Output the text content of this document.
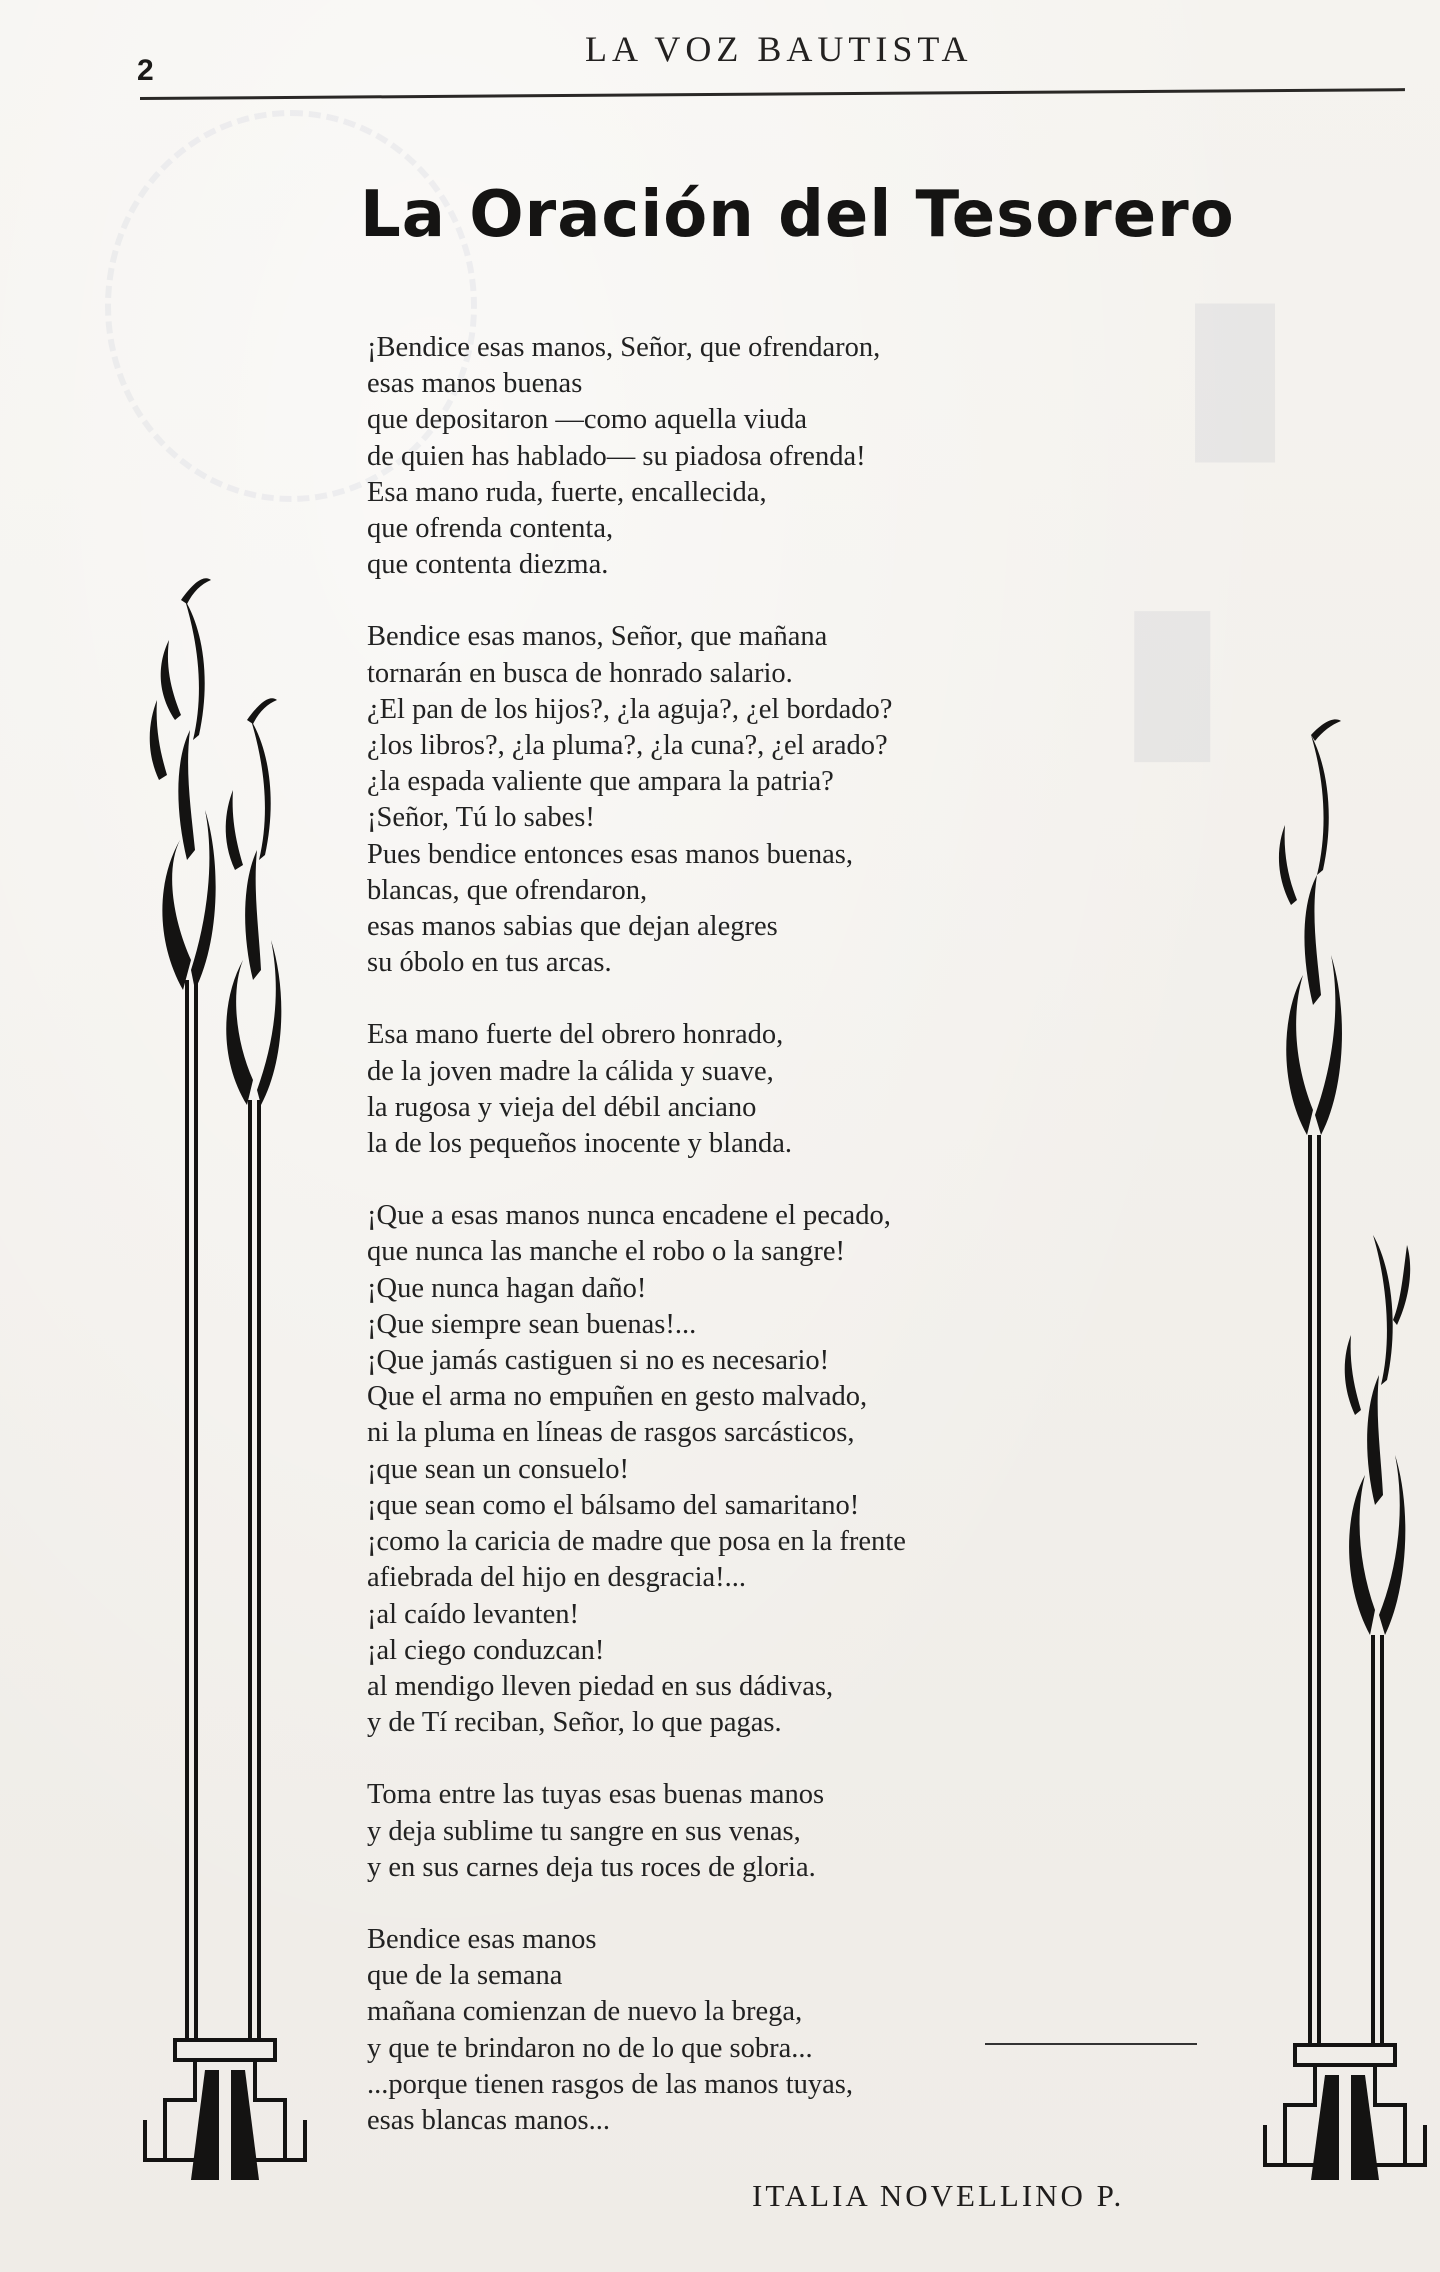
▮
▮
2
LA VOZ BAUTISTA
La Oración del Tesorero
¡Bendice esas manos, Señor, que ofrendaron,
esas manos buenas
que depositaron —como aquella viuda
de quien has hablado— su piadosa ofrenda!
Esa mano ruda, fuerte, encallecida,
que ofrenda contenta,
que contenta diezma.
Bendice esas manos, Señor, que mañana
tornarán en busca de honrado salario.
¿El pan de los hijos?, ¿la aguja?, ¿el bordado?
¿los libros?, ¿la pluma?, ¿la cuna?, ¿el arado?
¿la espada valiente que ampara la patria?
¡Señor, Tú lo sabes!
Pues bendice entonces esas manos buenas,
blancas, que ofrendaron,
esas manos sabias que dejan alegres
su óbolo en tus arcas.
Esa mano fuerte del obrero honrado,
de la joven madre la cálida y suave,
la rugosa y vieja del débil anciano
la de los pequeños inocente y blanda.
¡Que a esas manos nunca encadene el pecado,
que nunca las manche el robo o la sangre!
¡Que nunca hagan daño!
¡Que siempre sean buenas!...
¡Que jamás castiguen si no es necesario!
Que el arma no empuñen en gesto malvado,
ni la pluma en líneas de rasgos sarcásticos,
¡que sean un consuelo!
¡que sean como el bálsamo del samaritano!
¡como la caricia de madre que posa en la frente
afiebrada del hijo en desgracia!...
¡al caído levanten!
¡al ciego conduzcan!
al mendigo lleven piedad en sus dádivas,
y de Tí reciban, Señor, lo que pagas.
Toma entre las tuyas esas buenas manos
y deja sublime tu sangre en sus venas,
y en sus carnes deja tus roces de gloria.
Bendice esas manos
que de la semana
mañana comienzan de nuevo la brega,
y que te brindaron no de lo que sobra...
...porque tienen rasgos de las manos tuyas,
esas blancas manos...
ITALIA NOVELLINO P.
